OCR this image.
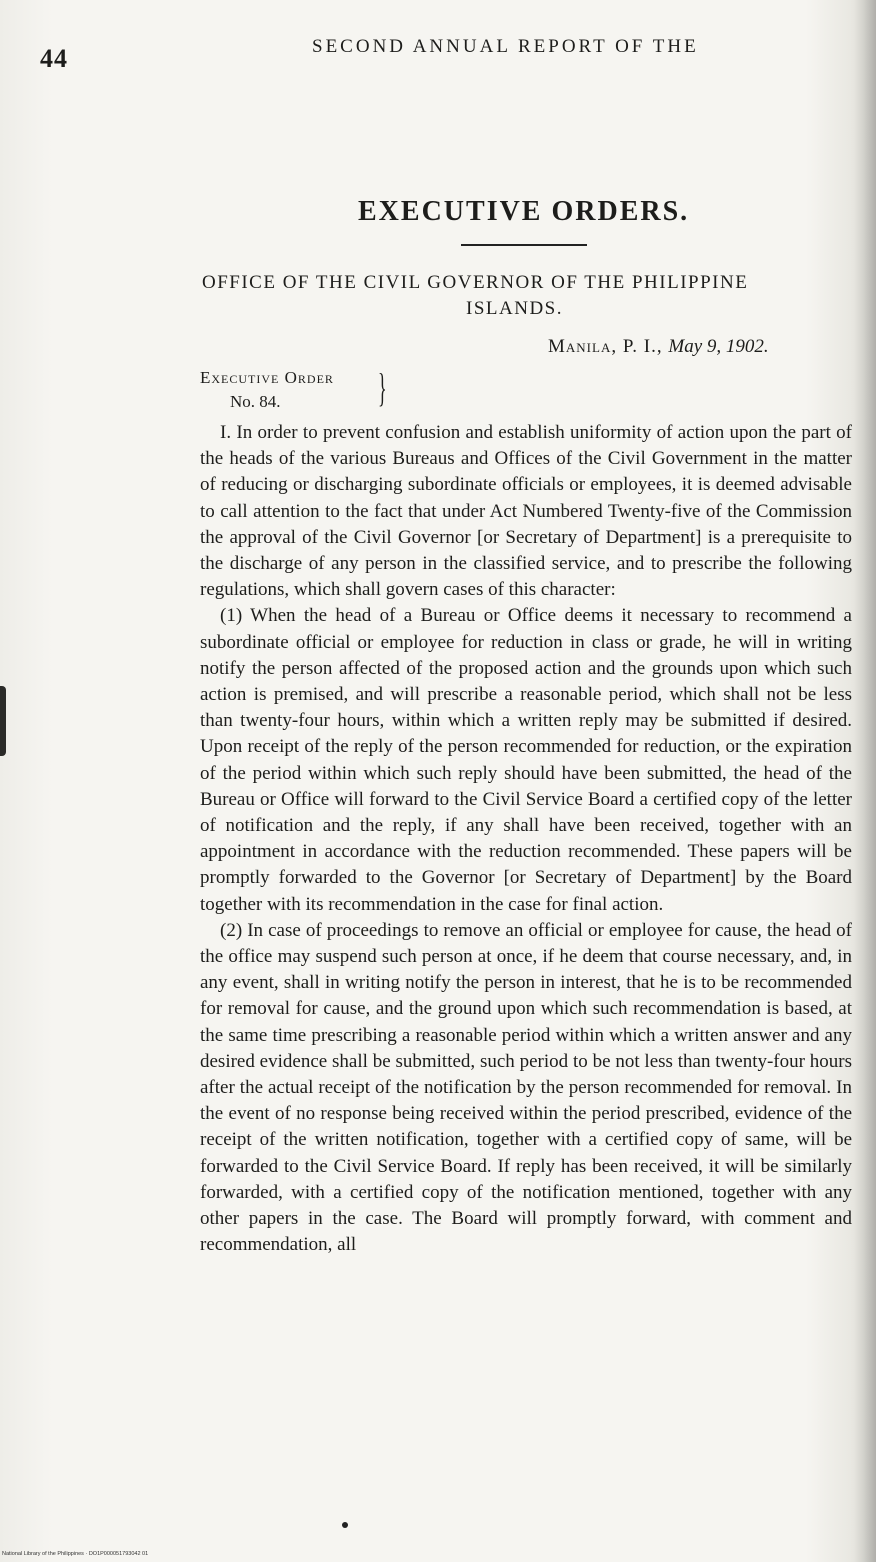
44	SECOND ANNUAL REPORT OF THE
EXECUTIVE ORDERS.
OFFICE OF THE CIVIL GOVERNOR OF THE PHILIPPINE
ISLANDS.
Manila, P. I., May 9, 1902.
Executive Order
No. 84. }

I. In order to prevent confusion and establish uniformity of action upon the part of the heads of the various Bureaus and Offices of the Civil Government in the matter of reducing or discharging subordinate officials or employees, it is deemed advisable to call attention to the fact that under Act Numbered Twenty-five of the Commission the approval of the Civil Governor [or Secretary of Department] is a prerequisite to the discharge of any person in the classified service, and to prescribe the following regulations, which shall govern cases of this character:

(1) When the head of a Bureau or Office deems it necessary to recommend a subordinate official or employee for reduction in class or grade, he will in writing notify the person affected of the proposed action and the grounds upon which such action is premised, and will prescribe a reasonable period, which shall not be less than twenty-four hours, within which a written reply may be submitted if desired. Upon receipt of the reply of the person recommended for reduction, or the expiration of the period within which such reply should have been submitted, the head of the Bureau or Office will forward to the Civil Service Board a certified copy of the letter of notification and the reply, if any shall have been received, together with an appointment in accordance with the reduction recommended. These papers will be promptly forwarded to the Governor [or Secretary of Department] by the Board together with its recommendation in the case for final action.

(2) In case of proceedings to remove an official or employee for cause, the head of the office may suspend such person at once, if he deem that course necessary, and, in any event, shall in writing notify the person in interest, that he is to be recommended for removal for cause, and the ground upon which such recommendation is based, at the same time prescribing a reasonable period within which a written answer and any desired evidence shall be submitted, such period to be not less than twenty-four hours after the actual receipt of the notification by the person recommended for removal. In the event of no response being received within the period prescribed, evidence of the receipt of the written notification, together with a certified copy of same, will be forwarded to the Civil Service Board. If reply has been received, it will be similarly forwarded, with a certified copy of the notification mentioned, together with any other papers in the case. The Board will promptly forward, with comment and recommendation, all

National Library of the Philippines · DO1P000051793042 01
